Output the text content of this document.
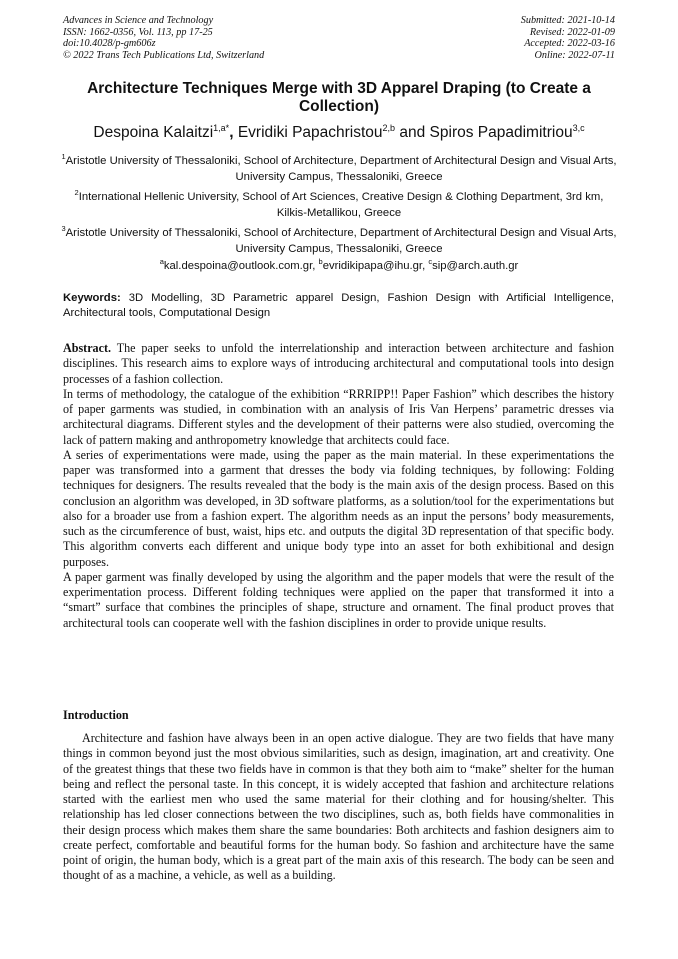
Advances in Science and Technology
ISSN: 1662-0356, Vol. 113, pp 17-25
doi:10.4028/p-gm606z
© 2022 Trans Tech Publications Ltd, Switzerland
Submitted: 2021-10-14
Revised: 2022-01-09
Accepted: 2022-03-16
Online: 2022-07-11
Architecture Techniques Merge with 3D Apparel Draping (to Create a Collection)
Despoina Kalaitzi$^{1,a*}$, Evridiki Papachristou$^{2,b}$ and Spiros Papadimitriou$^{3,c}$
$^1$Aristotle University of Thessaloniki, School of Architecture, Department of Architectural Design and Visual Arts, University Campus, Thessaloniki, Greece
$^2$International Hellenic University, School of Art Sciences, Creative Design & Clothing Department, 3rd km, Kilkis-Metallikou, Greece
$^3$Aristotle University of Thessaloniki, School of Architecture, Department of Architectural Design and Visual Arts, University Campus, Thessaloniki, Greece
$^a$kal.despoina@outlook.com.gr, $^b$evridikipapa@ihu.gr, $^c$sip@arch.auth.gr
Keywords: 3D Modelling, 3D Parametric apparel Design, Fashion Design with Artificial Intelligence, Architectural tools, Computational Design

Abstract. The paper seeks to unfold the interrelationship and interaction between architecture and fashion disciplines. This research aims to explore ways of introducing architectural and computational tools into design processes of a fashion collection.

In terms of methodology, the catalogue of the exhibition “RRRIPP!! Paper Fashion” which describes the history of paper garments was studied, in combination with an analysis of Iris Van Herpens’ parametric dresses via architectural diagrams. Different styles and the development of their patterns were also studied, overcoming the lack of pattern making and anthropometry knowledge that architects could face.

A series of experimentations were made, using the paper as the main material. In these experimentations the paper was transformed into a garment that dresses the body via folding techniques, by following: Folding techniques for designers. The results revealed that the body is the main axis of the design process. Based on this conclusion an algorithm was developed, in 3D software platforms, as a solution/tool for the experimentations but also for a broader use from a fashion expert. The algorithm needs as an input the persons’ body measurements, such as the circumference of bust, waist, hips etc. and outputs the digital 3D representation of that specific body. This algorithm converts each different and unique body type into an asset for both exhibitional and design purposes.

A paper garment was finally developed by using the algorithm and the paper models that were the result of the experimentation process. Different folding techniques were applied on the paper that transformed it into a “smart” surface that combines the principles of shape, structure and ornament. The final product proves that architectural tools can cooperate well with the fashion disciplines in order to provide unique results.

Introduction

Architecture and fashion have always been in an open active dialogue. They are two fields that have many things in common beyond just the most obvious similarities, such as design, imagination, art and creativity. One of the greatest things that these two fields have in common is that they both aim to “make” shelter for the human being and reflect the personal taste. In this concept, it is widely accepted that fashion and architecture relations started with the earliest men who used the same material for their clothing and for housing/shelter. This relationship has led closer connections between the two disciplines, such as, both fields have commonalities in their design process which makes them share the same boundaries: Both architects and fashion designers aim to create perfect, comfortable and beautiful forms for the human body. So fashion and architecture have the same point of origin, the human body, which is a great part of the main axis of this research. The body can be seen and thought of as a machine, a vehicle, as well as a building.
